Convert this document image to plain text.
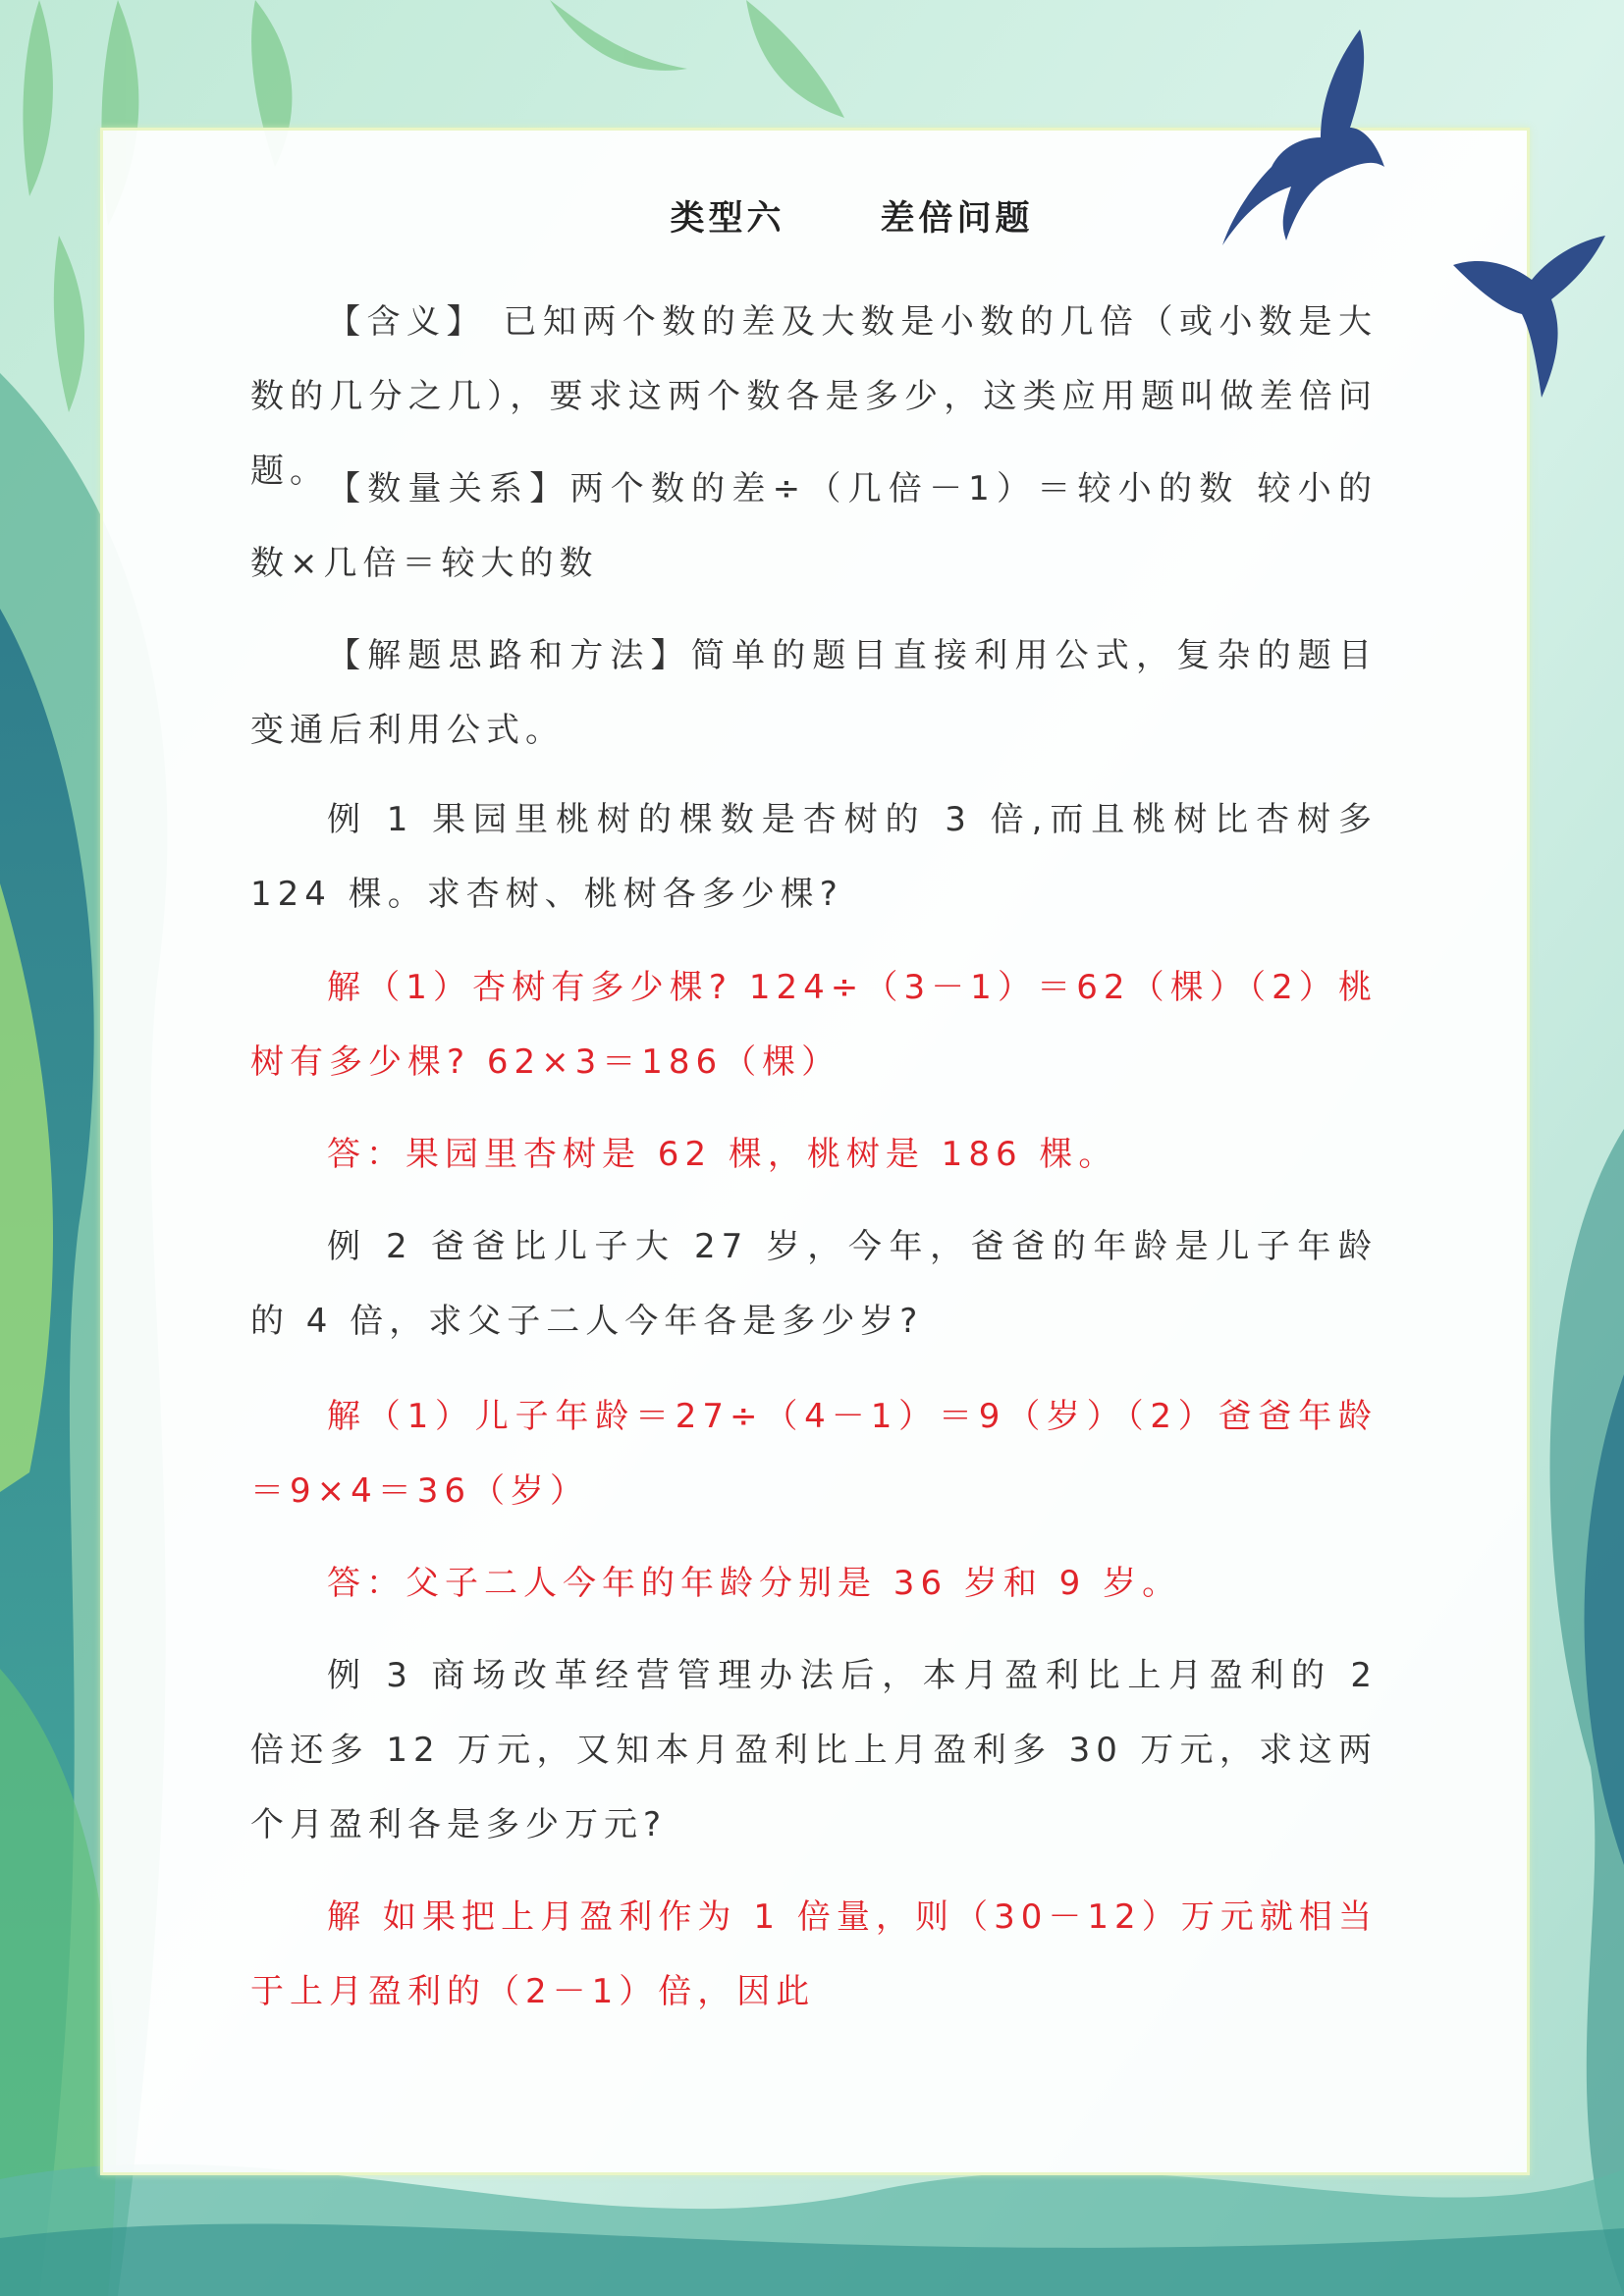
类型六      差倍问题
【含义】 已知两个数的差及大数是小数的几倍（或小数是大数的几分之几），要求这两个数各是多少，这类应用题叫做差倍问题。
【数量关系】两个数的差÷（几倍－1）＝较小的数 较小的数×几倍＝较大的数
【解题思路和方法】简单的题目直接利用公式，复杂的题目变通后利用公式。
例 1 果园里桃树的棵数是杏树的 3 倍,而且桃树比杏树多 124 棵。求杏树、桃树各多少棵?
解（1）杏树有多少棵? 124÷（3－1）＝62（棵）（2）桃树有多少棵? 62×3＝186（棵）
答：果园里杏树是 62 棵，桃树是 186 棵。
例 2 爸爸比儿子大 27 岁，今年，爸爸的年龄是儿子年龄的 4 倍，求父子二人今年各是多少岁?
解（1）儿子年龄＝27÷（4－1）＝9（岁）（2）爸爸年龄＝9×4＝36（岁）
答：父子二人今年的年龄分别是 36 岁和 9 岁。
例 3 商场改革经营管理办法后，本月盈利比上月盈利的 2 倍还多 12 万元，又知本月盈利比上月盈利多 30 万元，求这两个月盈利各是多少万元?
解 如果把上月盈利作为 1 倍量，则（30－12）万元就相当于上月盈利的（2－1）倍，因此
